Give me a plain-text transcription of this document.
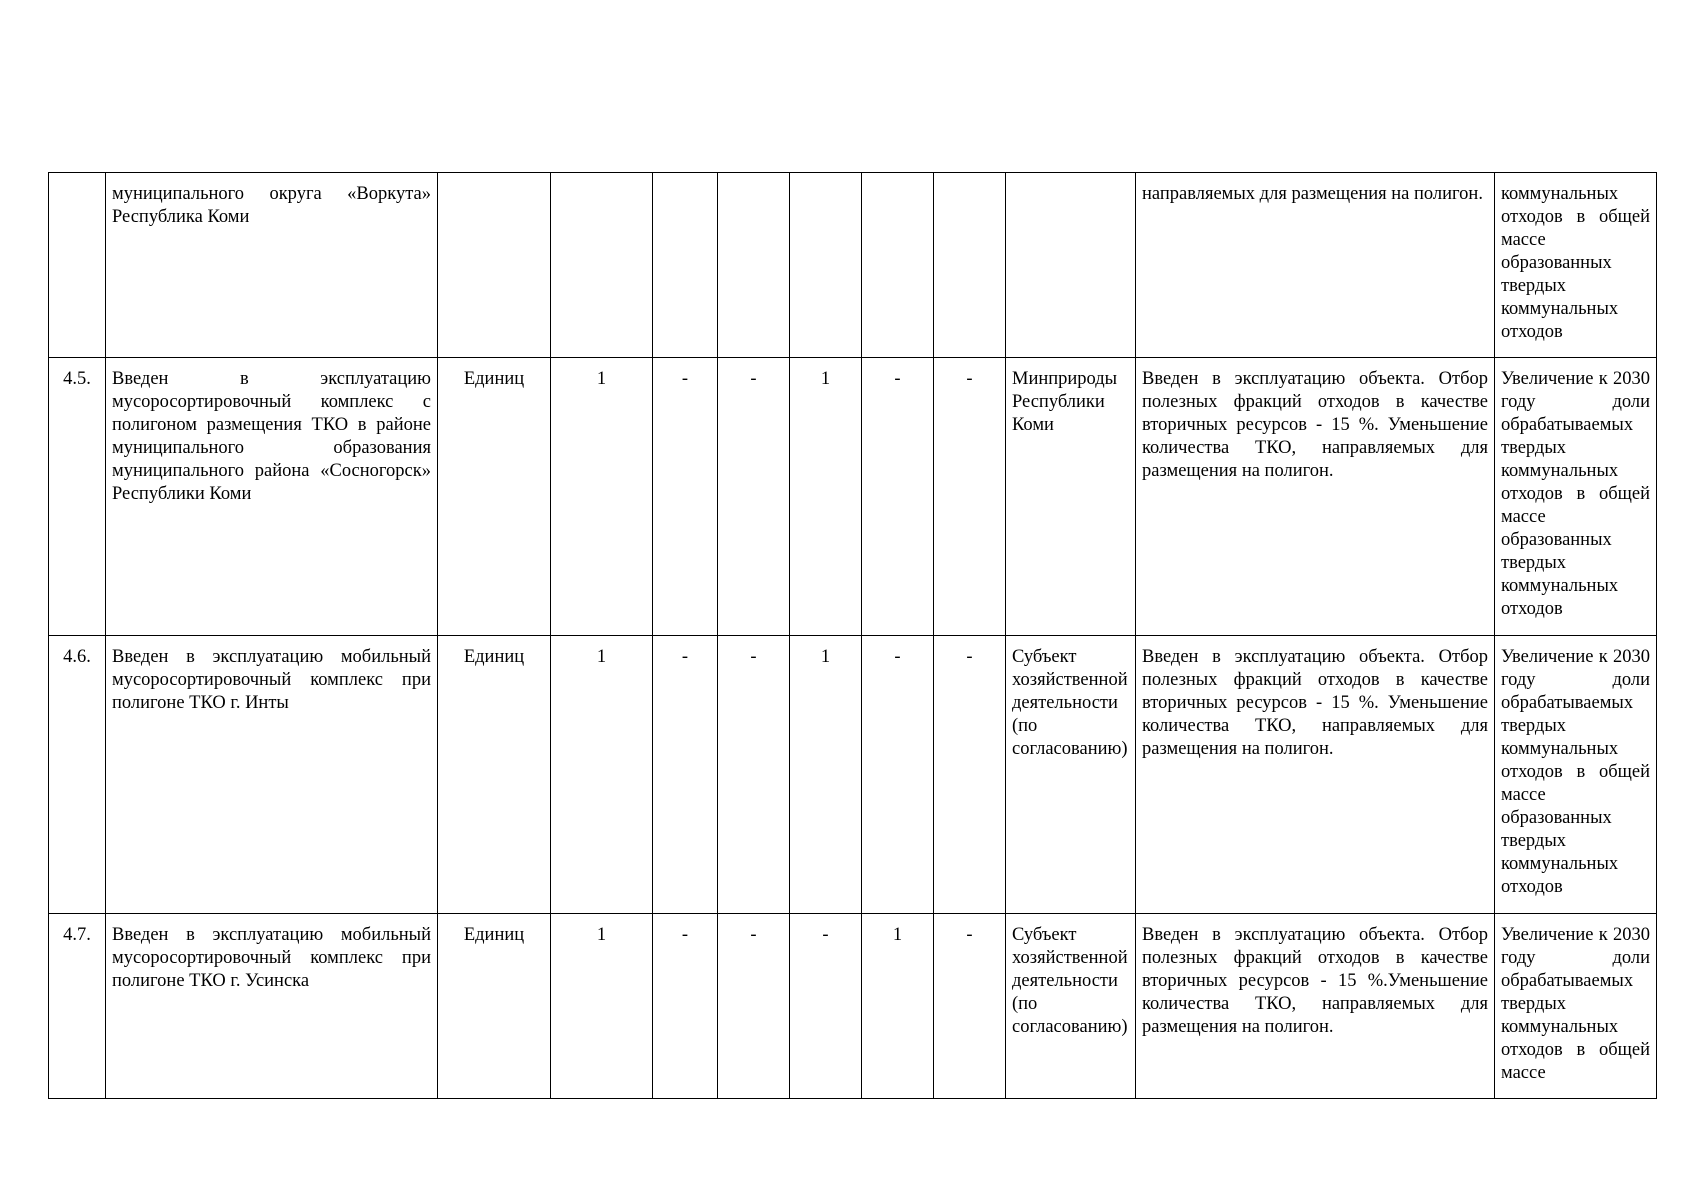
	муниципального округа «Воркута» Республика Коми									направляемых для размещения на полигон.	коммунальных отходов в общей массе образованных твердых коммунальных отходов
4.5.	Введен в эксплуатацию мусоросортировочный комплекс с полигоном размещения ТКО в районе муниципального образования муниципального района «Сосногорск» Республики Коми	Единиц	1	-	-	1	-	-	Минприроды Республики Коми	Введен в эксплуатацию объекта. Отбор полезных фракций отходов в качестве вторичных ресурсов - 15 %. Уменьшение количества ТКО, направляемых для размещения на полигон.	Увеличение к 2030 году доли обрабатываемых твердых коммунальных отходов в общей массе образованных твердых коммунальных отходов
4.6.	Введен в эксплуатацию мобильный мусоросортировочный комплекс при полигоне ТКО г. Инты	Единиц	1	-	-	1	-	-	Субъект хозяйственной деятельности (по согласованию)	Введен в эксплуатацию объекта. Отбор полезных фракций отходов в качестве вторичных ресурсов - 15 %. Уменьшение количества ТКО, направляемых для размещения на полигон.	Увеличение к 2030 году доли обрабатываемых твердых коммунальных отходов в общей массе образованных твердых коммунальных отходов
4.7.	Введен в эксплуатацию мобильный мусоросортировочный комплекс при полигоне ТКО г. Усинска	Единиц	1	-	-	-	1	-	Субъект хозяйственной деятельности (по согласованию)	Введен в эксплуатацию объекта. Отбор полезных фракций отходов в качестве вторичных ресурсов - 15 %.Уменьшение количества ТКО, направляемых для размещения на полигон.	Увеличение к 2030 году доли обрабатываемых твердых коммунальных отходов в общей массе
